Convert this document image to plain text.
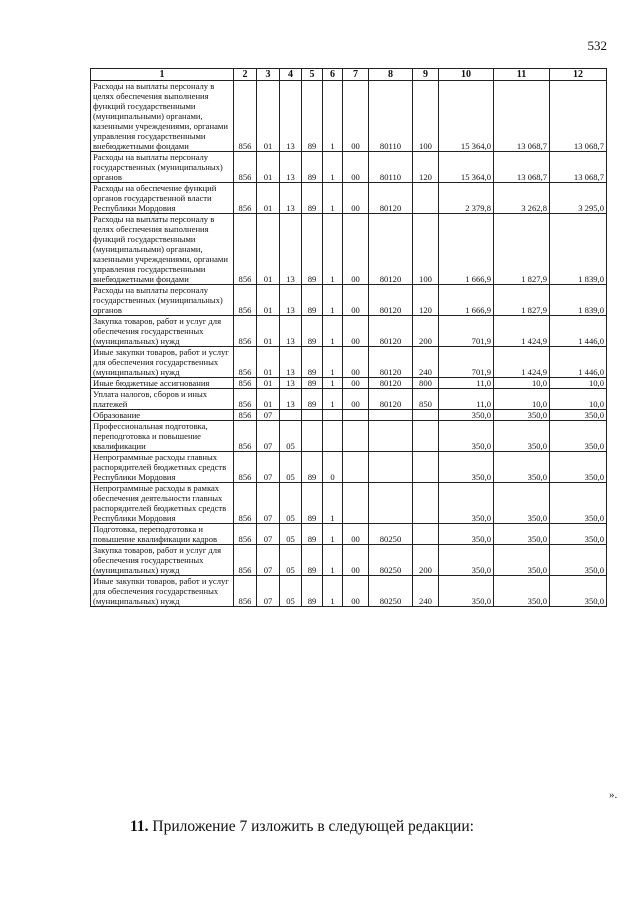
532
1	2	3	4	5	6	7	8	9	10	11	12
Расходы на выплаты персоналу в целях обеспечения выполнения функций государственными (муниципальными) органами, казенными учреждениями, органами управления государственными внебюджетными фондами	856	01	13	89	1	00	80110	100	15 364,0	13 068,7	13 068,7
Расходы на выплаты персоналу государственных (муниципальных) органов	856	01	13	89	1	00	80110	120	15 364,0	13 068,7	13 068,7
Расходы на обеспечение функций органов государственной власти Республики Мордовия	856	01	13	89	1	00	80120		2 379,8	3 262,8	3 295,0
Расходы на выплаты персоналу в целях обеспечения выполнения функций государственными (муниципальными) органами, казенными учреждениями, органами управления государственными внебюджетными фондами	856	01	13	89	1	00	80120	100	1 666,9	1 827,9	1 839,0
Расходы на выплаты персоналу государственных (муниципальных) органов	856	01	13	89	1	00	80120	120	1 666,9	1 827,9	1 839,0
Закупка товаров, работ и услуг для обеспечения государственных (муниципальных) нужд	856	01	13	89	1	00	80120	200	701,9	1 424,9	1 446,0
Иные закупки товаров, работ и услуг для обеспечения государственных (муниципальных) нужд	856	01	13	89	1	00	80120	240	701,9	1 424,9	1 446,0
Иные бюджетные ассигнования	856	01	13	89	1	00	80120	800	11,0	10,0	10,0
Уплата налогов, сборов и иных платежей	856	01	13	89	1	00	80120	850	11,0	10,0	10,0
Образование	856	07							350,0	350,0	350,0
Профессиональная подготовка, переподготовка и повышение квалификации	856	07	05						350,0	350,0	350,0
Непрограммные расходы главных распорядителей бюджетных средств Республики Мордовия	856	07	05	89	0				350,0	350,0	350,0
Непрограммные расходы в рамках обеспечения деятельности главных распорядителей бюджетных средств Республики Мордовия	856	07	05	89	1				350,0	350,0	350,0
Подготовка, переподготовка и повышение квалификации кадров	856	07	05	89	1	00	80250		350,0	350,0	350,0
Закупка товаров, работ и услуг для обеспечения государственных (муниципальных) нужд	856	07	05	89	1	00	80250	200	350,0	350,0	350,0
Иные закупки товаров, работ и услуг для обеспечения государственных (муниципальных) нужд	856	07	05	89	1	00	80250	240	350,0	350,0	350,0
».
11. Приложение 7 изложить в следующей редакции:
